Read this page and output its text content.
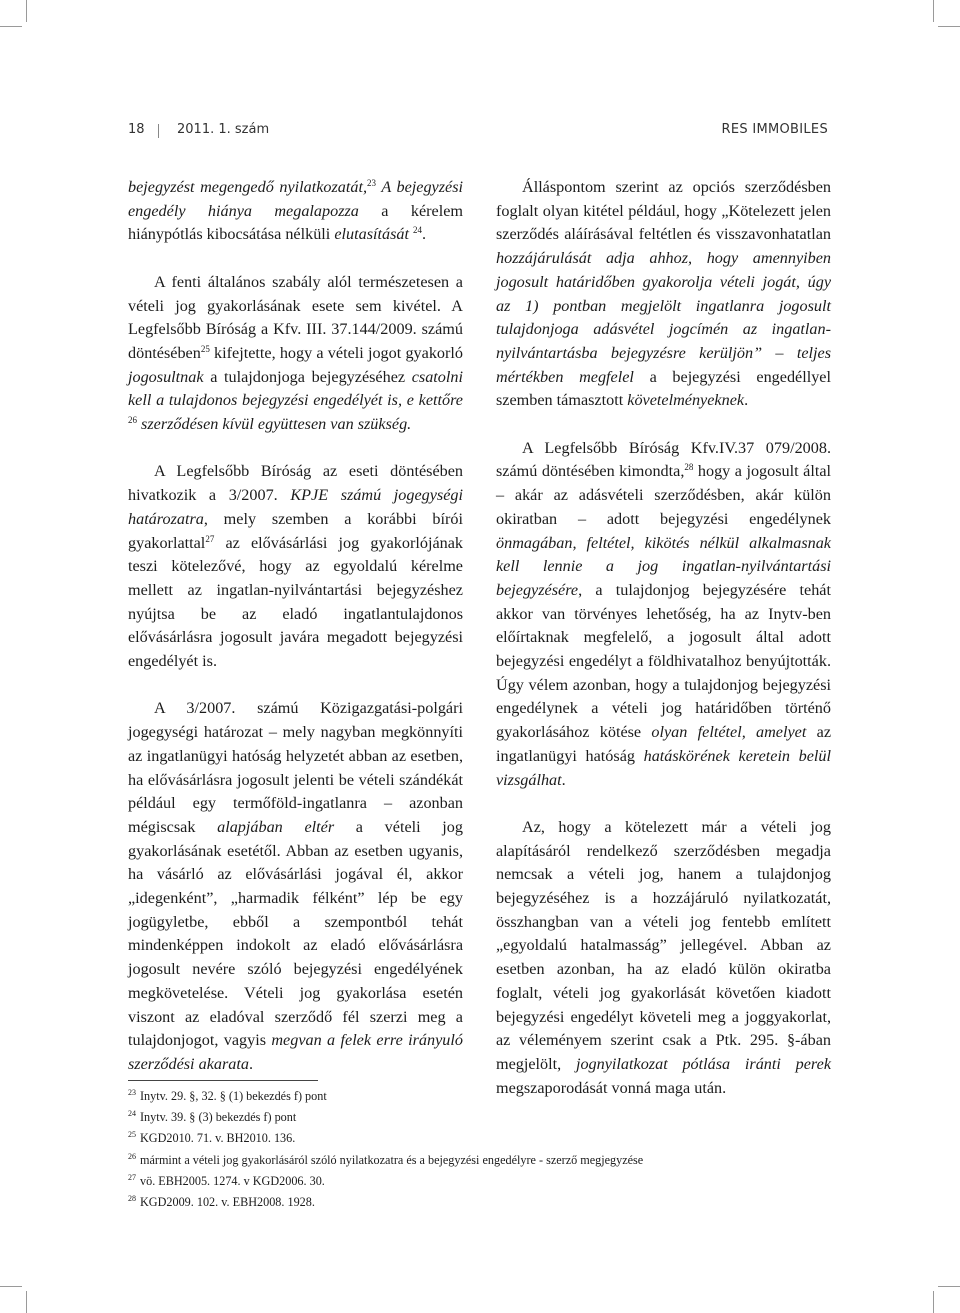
18 2011. 1. szám	RES IMMOBILES

bejegyzést megengedő nyilatkozatát,$^{23}$ A bejegyzési engedély hiánya megalapozza a kérelem hiánypótlás kibocsátása nélküli elutasítását $^{24}$.

A fenti általános szabály alól természetesen a vételi jog gyakorlásának esete sem kivétel. A Legfelsőbb Bíróság a Kfv. III. 37.144/2009. számú döntésében$^{25}$ kifejtette, hogy a vételi jogot gyakorló jogosultnak a tulajdonjoga bejegyzéséhez csatolni kell a tulajdonos bejegyzési engedélyét is, e kettőre $^{26}$ szerződésen kívül együttesen van szükség.

A Legfelsőbb Bíróság az eseti döntésében hivatkozik a 3/2007. KPJE számú jogegységi határozatra, mely szemben a korábbi bírói gyakorlattal$^{27}$ az elővásárlási jog gyakorlójának teszi kötelezővé, hogy az egyoldalú kérelme mellett az ingatlan-nyilvántartási bejegyzéshez nyújtsa be az eladó ingatlantulajdonos elővásárlásra jogosult javára megadott bejegyzési engedélyét is.

A 3/2007. számú Közigazgatási-polgári jogegységi határozat – mely nagyban megkönnyíti az ingatlanügyi hatóság helyzetét abban az esetben, ha elővásárlásra jogosult jelenti be vételi szándékát például egy termőföld-ingatlanra – azonban mégiscsak alapjában eltér a vételi jog gyakorlásának esetétől. Abban az esetben ugyanis, ha vásárló az elővásárlási jogával él, akkor „idegenként”, „harmadik félként” lép be egy jogügyletbe, ebből a szempontból tehát mindenképpen indokolt az eladó elővásárlásra jogosult nevére szóló bejegyzési engedélyének megkövetelése. Vételi jog gyakorlása esetén viszont az eladóval szerződő fél szerzi meg a tulajdonjogot, vagyis megvan a felek erre irányuló szerződési akarata.

Álláspontom szerint az opciós szerződésben foglalt olyan kitétel például, hogy „Kötelezett jelen szerződés aláírásával feltétlen és visszavonhatatlan hozzájárulását adja ahhoz, hogy amennyiben jogosult határidőben gyakorolja vételi jogát, úgy az 1) pontban megjelölt ingatlanra jogosult tulajdonjoga adásvétel jogcímén az ingatlan-nyilvántartásba bejegyzésre kerüljön” – teljes mértékben megfelel a bejegyzési engedéllyel szemben támasztott követelményeknek.

A Legfelsőbb Bíróság Kfv.IV.37 079/2008. számú döntésében kimondta,$^{28}$ hogy a jogosult által – akár az adásvételi szerződésben, akár külön okiratban – adott bejegyzési engedélynek önmagában, feltétel, kikötés nélkül alkalmasnak kell lennie a jog ingatlan-nyilvántartási bejegyzésére, a tulajdonjog bejegyzésére tehát akkor van törvényes lehetőség, ha az Inytv-ben előírtaknak megfelelő, a jogosult által adott bejegyzési engedélyt a földhivatalhoz benyújtották. Úgy vélem azonban, hogy a tulajdonjog bejegyzési engedélynek a vételi jog határidőben történő gyakorlásához kötése olyan feltétel, amelyet az ingatlanügyi hatóság hatáskörének keretein belül vizsgálhat.

Az, hogy a kötelezett már a vételi jog alapításáról rendelkező szerződésben megadja nemcsak a vételi jog, hanem a tulajdonjog bejegyzéséhez is a hozzájáruló nyilatkozatát, összhangban van a vételi jog fentebb említett „egyoldalú hatalmasság” jellegével. Abban az esetben azonban, ha az eladó külön okiratba foglalt, vételi jog gyakorlását követően kiadott bejegyzési engedélyt követeli meg a joggyakorlat, az véleményem szerint csak a Ptk. 295. §-ában megjelölt, jognyilatkozat pótlása iránti perek megszaporodását vonná maga után.

$^{23}$ Inytv. 29. §, 32. § (1) bekezdés f) pont
$^{24}$ Inytv. 39. § (3) bekezdés f) pont
$^{25}$ KGD2010. 71. v. BH2010. 136.
$^{26}$ mármint a vételi jog gyakorlásáról szóló nyilatkozatra és a bejegyzési engedélyre - szerző megjegyzése
$^{27}$ vö. EBH2005. 1274. v KGD2006. 30.
$^{28}$ KGD2009. 102. v. EBH2008. 1928.
